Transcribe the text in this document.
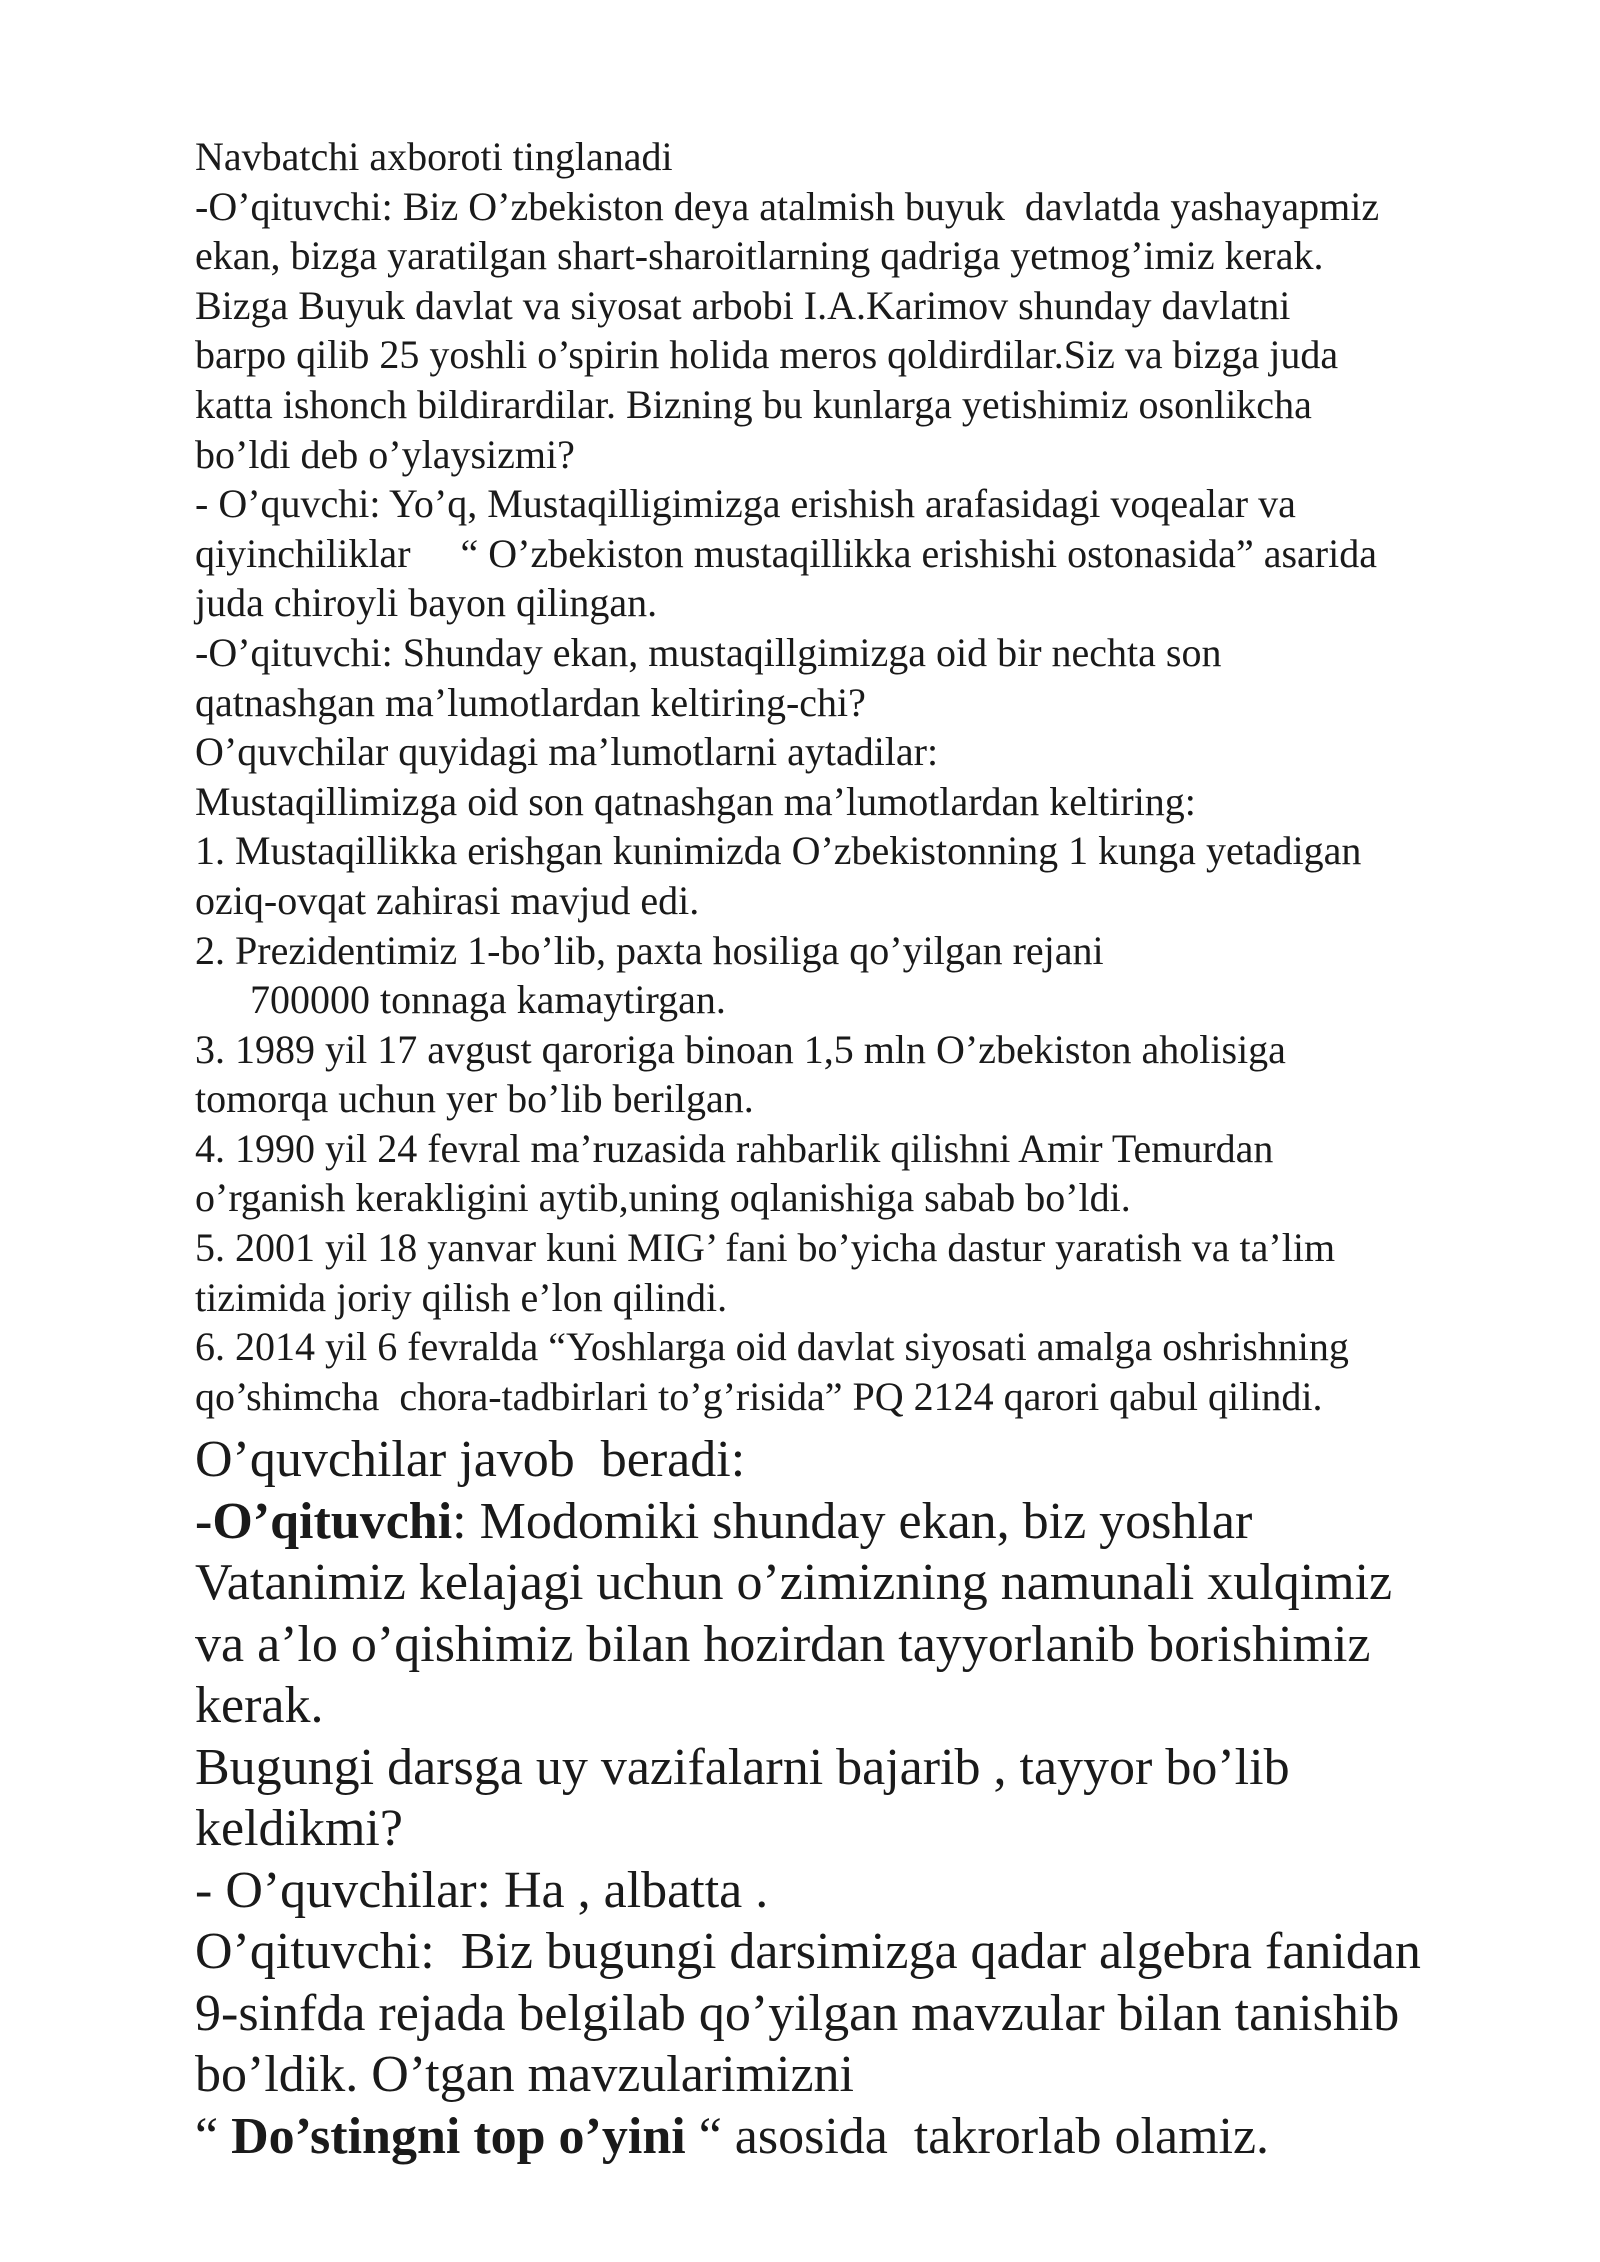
Navbatchi axboroti tinglanadi

-O’qituvchi: Biz O’zbekiston deya atalmish buyuk  davlatda yashayapmiz

ekan, bizga yaratilgan shart-sharoitlarning qadriga yetmog’imiz kerak.

Bizga Buyuk davlat va siyosat arbobi I.A.Karimov shunday davlatni

barpo qilib 25 yoshli o’spirin holida meros qoldirdilar.Siz va bizga juda

katta ishonch bildirardilar. Bizning bu kunlarga yetishimiz osonlikcha

bo’ldi deb o’ylaysizmi?

- O’quvchi: Yo’q, Mustaqilligimizga erishish arafasidagi voqealar va

qiyinchiliklar     “ O’zbekiston mustaqillikka erishishi ostonasida” asarida

juda chiroyli bayon qilingan.

-O’qituvchi: Shunday ekan, mustaqillgimizga oid bir nechta son

qatnashgan ma’lumotlardan keltiring-chi?

O’quvchilar quyidagi ma’lumotlarni aytadilar:

Mustaqillimizga oid son qatnashgan ma’lumotlardan keltiring:

1. Mustaqillikka erishgan kunimizda O’zbekistonning 1 kunga yetadigan

oziq-ovqat zahirasi mavjud edi.

2. Prezidentimiz 1-bo’lib, paxta hosiliga qo’yilgan rejani

700000 tonnaga kamaytirgan.

3. 1989 yil 17 avgust qaroriga binoan 1,5 mln O’zbekiston aholisiga

tomorqa uchun yer bo’lib berilgan.

4. 1990 yil 24 fevral ma’ruzasida rahbarlik qilishni Amir Temurdan

o’rganish kerakligini aytib,uning oqlanishiga sabab bo’ldi.

5. 2001 yil 18 yanvar kuni MIG’ fani bo’yicha dastur yaratish va ta’lim

tizimida joriy qilish e’lon qilindi.

6. 2014 yil 6 fevralda “Yoshlarga oid davlat siyosati amalga oshrishning

qo’shimcha  chora-tadbirlari to’g’risida” PQ 2124 qarori qabul qilindi.

O’quvchilar javob  beradi:

-O’qituvchi: Modomiki shunday ekan, biz yoshlar

Vatanimiz kelajagi uchun o’zimizning namunali xulqimiz

va a’lo o’qishimiz bilan hozirdan tayyorlanib borishimiz

kerak.

Bugungi darsga uy vazifalarni bajarib , tayyor bo’lib

keldikmi?

- O’quvchilar: Ha , albatta .

O’qituvchi:  Biz bugungi darsimizga qadar algebra fanidan

9-sinfda rejada belgilab qo’yilgan mavzular bilan tanishib

bo’ldik. O’tgan mavzularimizni

“ Do’stingni top o’yini “ asosida  takrorlab olamiz.
